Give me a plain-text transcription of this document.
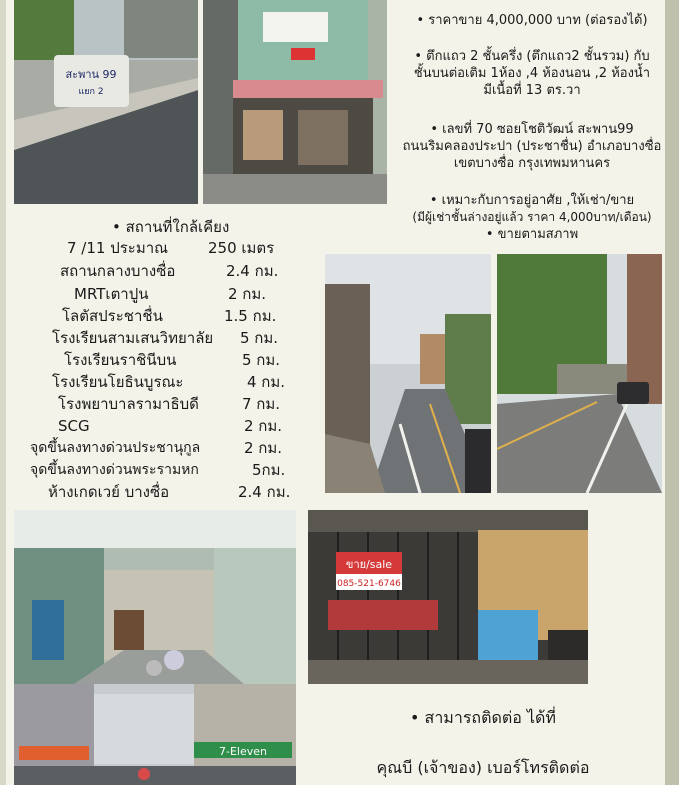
สะพาน 99
แยก 2
• ราคาขาย 4,000,000 บาท (ต่อรองได้)
• ตึกแถว 2 ชั้นครึ่ง (ตึกแถว2 ชั้นรวม) กับ
ชั้นบนต่อเติม 1ห้อง ,4 ห้องนอน ,2 ห้องน้ำ
มีเนื้อที่ 13 ตร.วา
• เลขที่ 70 ซอยโชติวัฒน์ สะพาน99
ถนนริมคลองประปา (ประชาชื่น) อำเภอบางซื่อ
เขตบางซื่อ กรุงเทพมหานคร
• เหมาะกับการอยู่อาศัย ,ให้เช่า/ขาย
(มีผู้เช่าชั้นล่างอยู่แล้ว ราคา 4,000บาท/เดือน)
• ขายตามสภาพ
• สถานที่ใกล้เคียง
7 /11 ประมาณ	250 เมตร
สถานกลางบางซื่อ	2.4 กม.
MRTเตาปูน	2 กม.
โลตัสประชาชื่น	1.5 กม.
โรงเรียนสามเสนวิทยาลัย 5 กม.
โรงเรียนราชินีบน	5 กม.
โรงเรียนโยธินบูรณะ	4 กม.
โรงพยาบาลรามาธิบดี	7 กม.
SCG	2 กม.
จุดขึ้นลงทางด่วนประชานุกูล	2 กม.
จุดขึ้นลงทางด่วนพระรามหก	5กม.
ห้างเกดเวย์ บางซื่อ	2.4 กม.
ขาย/sale
085-521-6746
7-Eleven
• สามารถติดต่อ ได้ที่
คุณบี (เจ้าของ) เบอร์โทรติดต่อ
